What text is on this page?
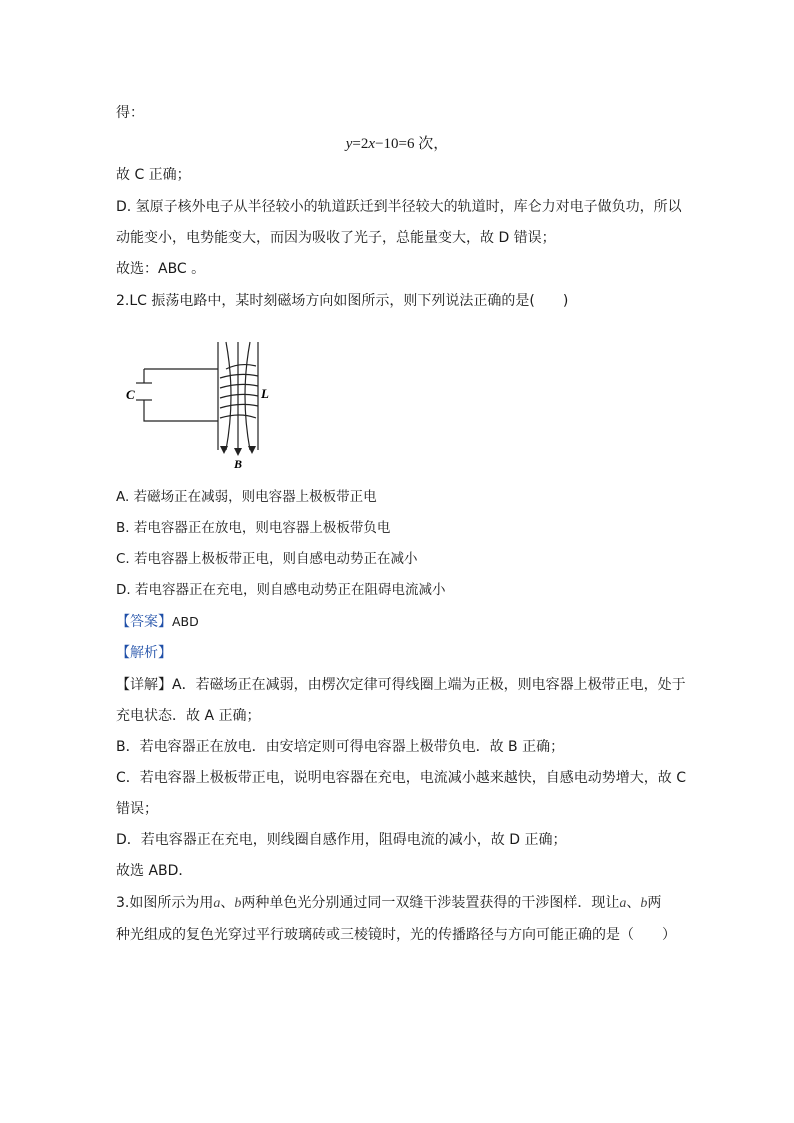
得：
y=2x−10=6 次，
故 C 正确；
D. 氢原子核外电子从半径较小的轨道跃迁到半径较大的轨道时，库仑力对电子做负功，所以
动能变小，电势能变大，而因为吸收了光子，总能量变大，故 D 错误；
故选：ABC 。
2.LC 振荡电路中，某时刻磁场方向如图所示，则下列说法正确的是(　　)
C	L
B
A. 若磁场正在减弱，则电容器上极板带正电
B. 若电容器正在放电，则电容器上极板带负电
C. 若电容器上极板带正电，则自感电动势正在减小
D. 若电容器正在充电，则自感电动势正在阻碍电流减小
【答案】ABD
【解析】
【详解】A．若磁场正在减弱，由楞次定律可得线圈上端为正极，则电容器上极带正电，处于
充电状态．故 A 正确；
B．若电容器正在放电．由安培定则可得电容器上极带负电．故 B 正确；
C．若电容器上极板带正电，说明电容器在充电，电流减小越来越快，自感电动势增大，故 C
错误；
D．若电容器正在充电，则线圈自感作用，阻碍电流的减小，故 D 正确；
故选 ABD．
3.如图所示为用a、b两种单色光分别通过同一双缝干涉装置获得的干涉图样．现让a、b两
种光组成的复色光穿过平行玻璃砖或三棱镜时，光的传播路径与方向可能正确的是（　　）
